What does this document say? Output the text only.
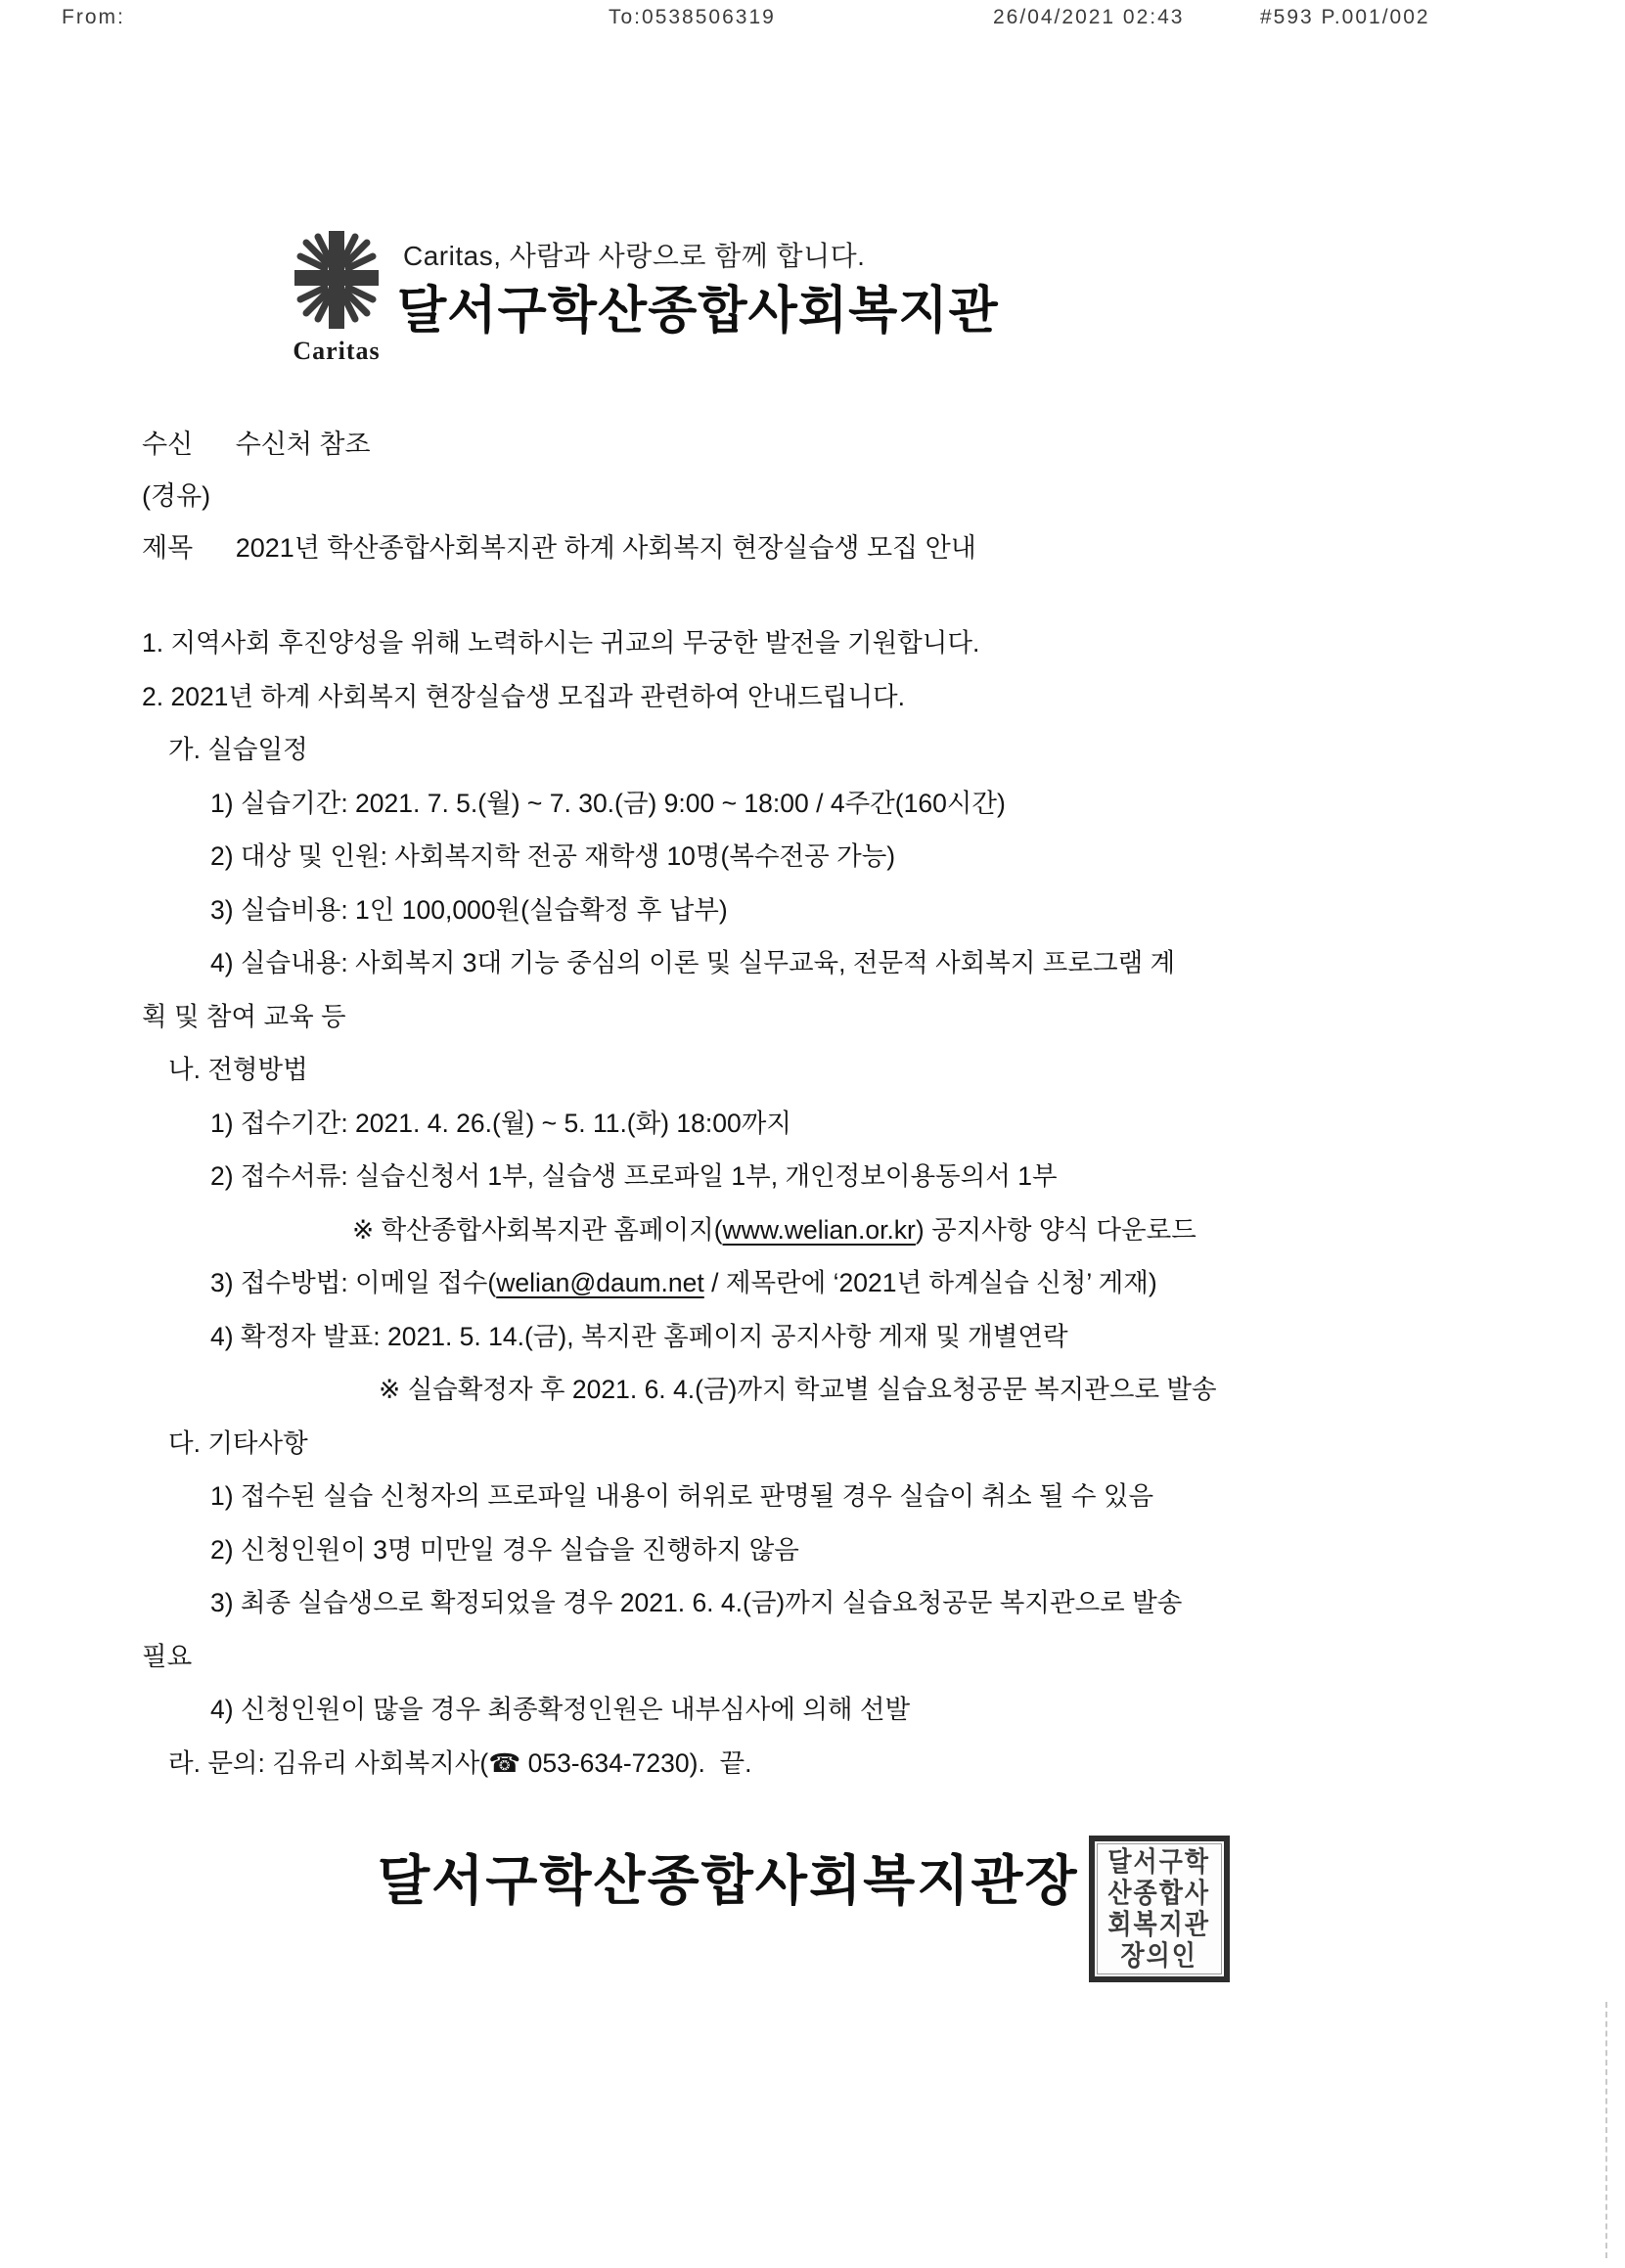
From:	To:0538506319	26/04/2021 02:43	#593 P.001/002
Caritas
Caritas, 사람과 사랑으로 함께 합니다.
달서구학산종합사회복지관
수신 수신처 참조
(경유)
제목 2021년 학산종합사회복지관 하계 사회복지 현장실습생 모집 안내
1. 지역사회 후진양성을 위해 노력하시는 귀교의 무궁한 발전을 기원합니다.
2. 2021년 하계 사회복지 현장실습생 모집과 관련하여 안내드립니다.
가. 실습일정
1) 실습기간: 2021. 7. 5.(월) ~ 7. 30.(금) 9:00 ~ 18:00 / 4주간(160시간)
2) 대상 및 인원: 사회복지학 전공 재학생 10명(복수전공 가능)
3) 실습비용: 1인 100,000원(실습확정 후 납부)
4) 실습내용: 사회복지 3대 기능 중심의 이론 및 실무교육, 전문적 사회복지 프로그램 계
획 및 참여 교육 등
나. 전형방법
1) 접수기간: 2021. 4. 26.(월) ~ 5. 11.(화) 18:00까지
2) 접수서류: 실습신청서 1부, 실습생 프로파일 1부, 개인정보이용동의서 1부
※ 학산종합사회복지관 홈페이지(www.welian.or.kr) 공지사항 양식 다운로드
3) 접수방법: 이메일 접수(welian@daum.net / 제목란에 ‘2021년 하계실습 신청’ 게재)
4) 확정자 발표: 2021. 5. 14.(금), 복지관 홈페이지 공지사항 게재 및 개별연락
※ 실습확정자 후 2021. 6. 4.(금)까지 학교별 실습요청공문 복지관으로 발송
다. 기타사항
1) 접수된 실습 신청자의 프로파일 내용이 허위로 판명될 경우 실습이 취소 될 수 있음
2) 신청인원이 3명 미만일 경우 실습을 진행하지 않음
3) 최종 실습생으로 확정되었을 경우 2021. 6. 4.(금)까지 실습요청공문 복지관으로 발송
필요
4) 신청인원이 많을 경우 최종확정인원은 내부심사에 의해 선발
라. 문의: 김유리 사회복지사(☎ 053-634-7230).  끝.
달서구학산종합사회복지관장 달서구학
산종합사
회복지관
장의인
